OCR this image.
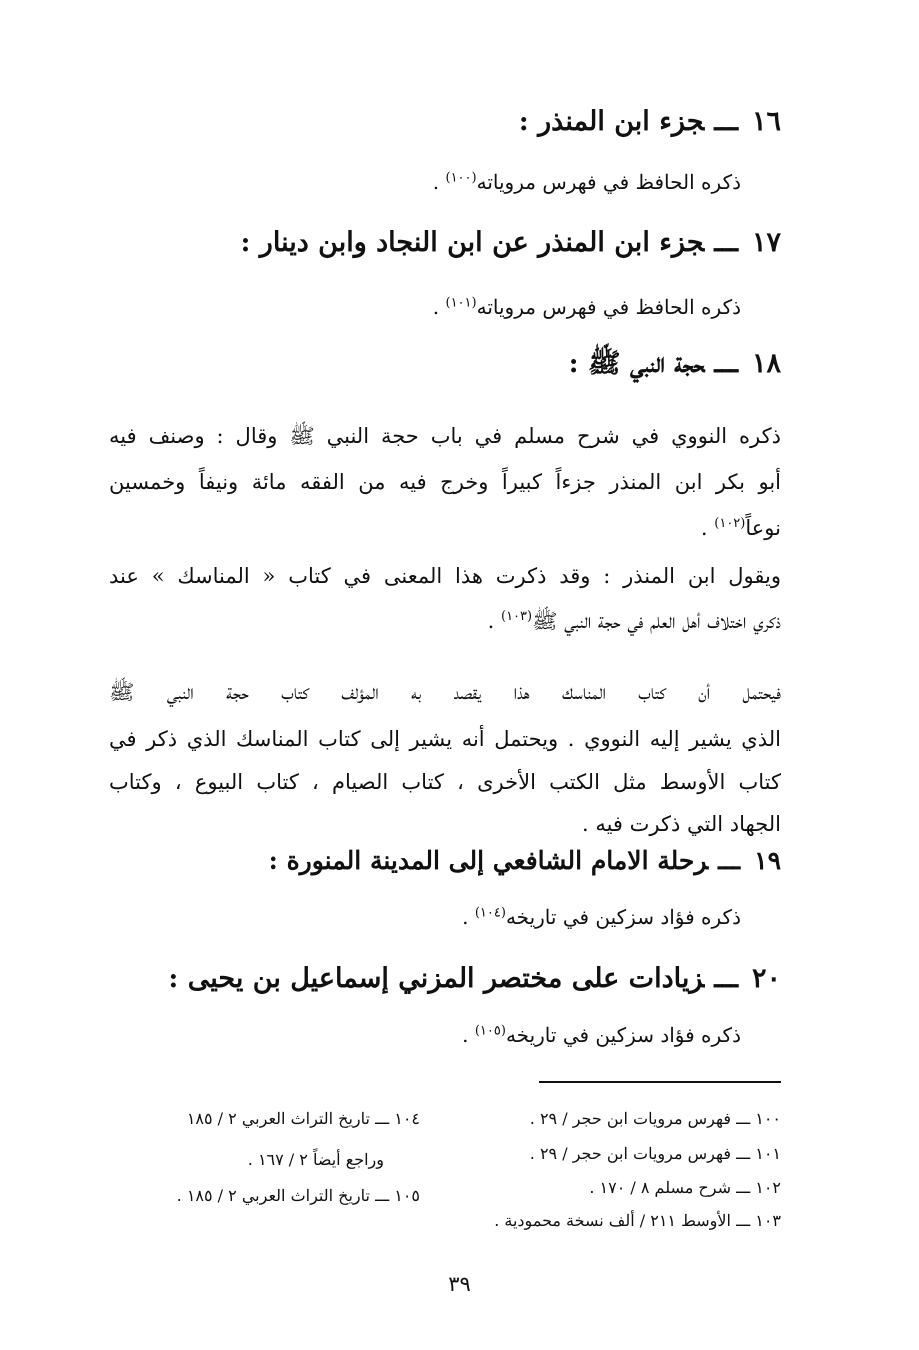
١٦ـــجزء ابن المنذر :
ذكره الحافظ في فهرس مروياته$^{(١٠٠)}$ .
١٧ـــجزء ابن المنذر عن ابن النجاد وابن دينار :
ذكره الحافظ في فهرس مروياته$^{(١٠١)}$ .
١٨ـــحجة النبي ﷺ :
ذكره النووي في شرح مسلم في باب حجة النبي ﷺ وقال : وصنف فيه
أبو بكر ابن المنذر جزءاً كبيراً وخرج فيه من الفقه مائة ونيفاً وخمسين
نوعاً$^{(١٠٢)}$ .
ويقول ابن المنذر : وقد ذكرت هذا المعنى في كتاب « المناسك » عند
ذكري اختلاف أهل العلم في حجة النبي ﷺ$^{(١٠٣)}$ .
فيحتمل أن كتاب المناسك هذا يقصد به المؤلف كتاب حجة النبي ﷺ
الذي يشير إليه النووي . ويحتمل أنه يشير إلى كتاب المناسك الذي ذكر في
كتاب الأوسط مثل الكتب الأخرى ، كتاب الصيام ، كتاب البيوع ، وكتاب
الجهاد التي ذكرت فيه .
١٩ـــرحلة الامام الشافعي إلى المدينة المنورة :
ذكره فؤاد سزكين في تاريخه$^{(١٠٤)}$ .
٢٠ـــزيادات على مختصر المزني إسماعيل بن يحيى :
ذكره فؤاد سزكين في تاريخه$^{(١٠٥)}$ .
١٠٠ ـــ فهرس مرويات ابن حجر / ٢٩ .
١٠١ ـــ فهرس مرويات ابن حجر / ٢٩ .
١٠٢ ـــ شرح مسلم ٨ / ١٧٠ .
١٠٣ ـــ الأوسط ٢١١ / ألف نسخة محمودية .
١٠٤ ـــ تاريخ التراث العربي ٢ / ١٨٥
وراجع أيضاً ٢ / ١٦٧ .
١٠٥ ـــ تاريخ التراث العربي ٢ / ١٨٥ .
٣٩
